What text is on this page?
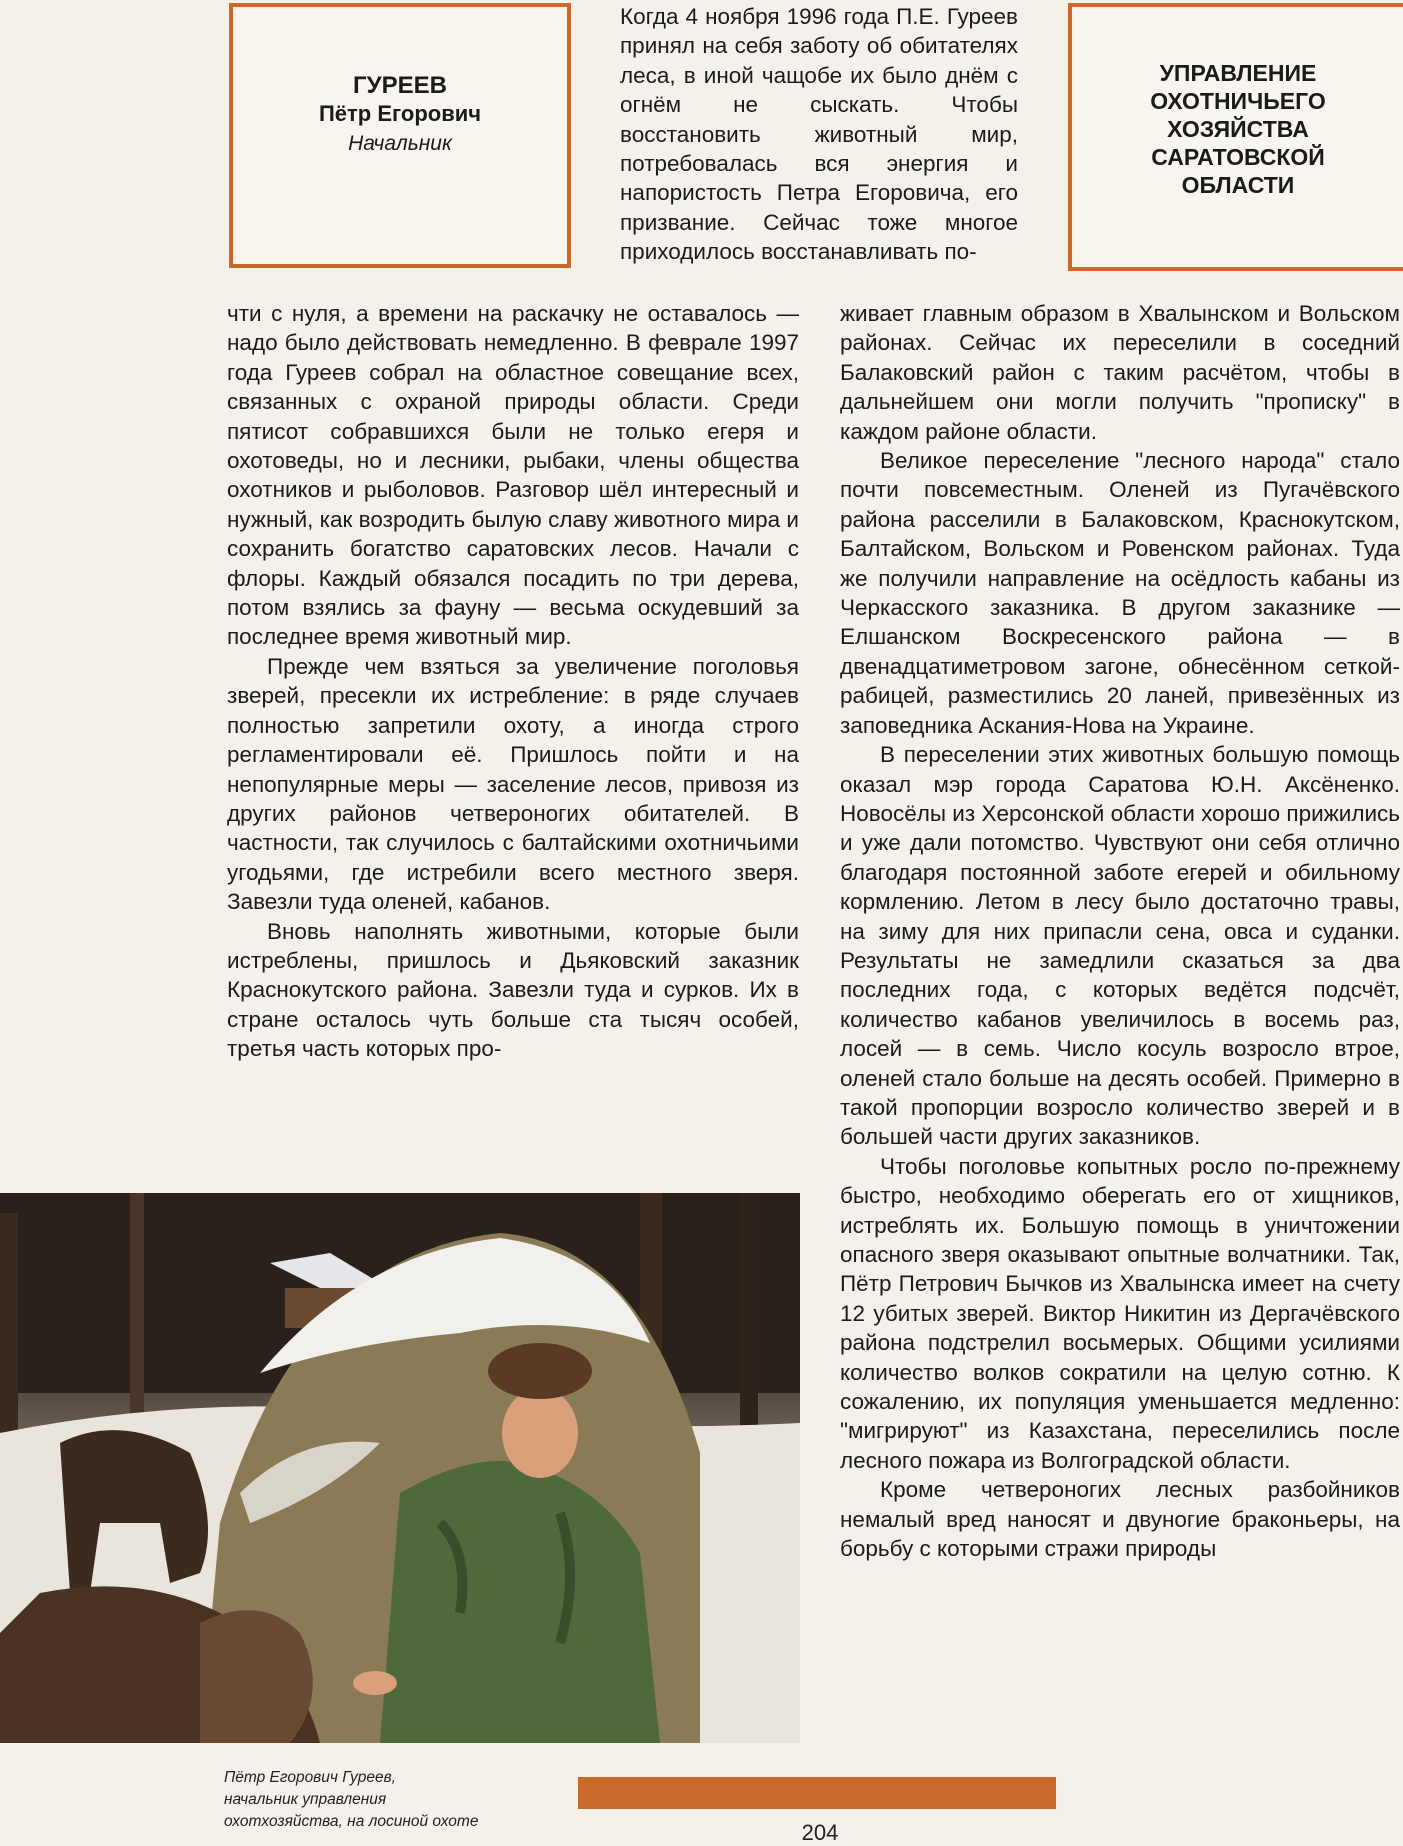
ГУРЕЕВ
Пётр Егорович
Начальник
УПРАВЛЕНИЕ
ОХОТНИЧЬЕГО
ХОЗЯЙСТВА
САРАТОВСКОЙ
ОБЛАСТИ

Когда 4 ноября 1996 года П.Е. Гуреев принял на себя заботу об обитателях леса, в иной чащобе их было днём с огнём не сыскать. Чтобы восстановить животный мир, потребовалась вся энергия и напористость Петра Егоровича, его призвание. Сейчас тоже многое приходилось восстанавливать по-

чти с нуля, а времени на раскачку не оставалось — надо было действовать немедленно. В феврале 1997 года Гуреев собрал на областное совещание всех, связанных с охраной природы области. Среди пятисот собравшихся были не только егеря и охотоведы, но и лесники, рыбаки, члены общества охотников и рыболовов. Разговор шёл интересный и нужный, как возродить былую славу животного мира и сохранить богатство саратовских лесов. Начали с флоры. Каждый обязался посадить по три дерева, потом взялись за фауну — весьма оскудевший за последнее время животный мир.

Прежде чем взяться за увеличение поголовья зверей, пресекли их истребление: в ряде случаев полностью запретили охоту, а иногда строго регламентировали её. Пришлось пойти и на непопулярные меры — заселение лесов, привозя из других районов четвероногих обитателей. В частности, так случилось с балтайскими охотничьими угодьями, где истребили всего местного зверя. Завезли туда оленей, кабанов.

Вновь наполнять животными, которые были истреблены, пришлось и Дьяковский заказник Краснокутского района. Завезли туда и сурков. Их в стране осталось чуть больше ста тысяч особей, третья часть которых про-

живает главным образом в Хвалынском и Вольском районах. Сейчас их переселили в соседний Балаковский район с таким расчётом, чтобы в дальнейшем они могли получить "прописку" в каждом районе области.

Великое переселение "лесного народа" стало почти повсеместным. Оленей из Пугачёвского района расселили в Балаковском, Краснокутском, Балтайском, Вольском и Ровенском районах. Туда же получили направление на осёдлость кабаны из Черкасского заказника. В другом заказнике — Елшанском Воскресенского района — в двенадцатиметровом загоне, обнесённом сеткой-рабицей, разместились 20 ланей, привезённых из заповедника Аскания-Нова на Украине.

В переселении этих животных большую помощь оказал мэр города Саратова Ю.Н. Аксёненко. Новосёлы из Херсонской области хорошо прижились и уже дали потомство. Чувствуют они себя отлично благодаря постоянной заботе егерей и обильному кормлению. Летом в лесу было достаточно травы, на зиму для них припасли сена, овса и суданки. Результаты не замедлили сказаться за два последних года, с которых ведётся подсчёт, количество кабанов увеличилось в восемь раз, лосей — в семь. Число косуль возросло втрое, оленей стало больше на десять особей. Примерно в такой пропорции возросло количество зверей и в большей части других заказников.

Чтобы поголовье копытных росло по-прежнему быстро, необходимо оберегать его от хищников, истреблять их. Большую помощь в уничтожении опасного зверя оказывают опытные волчатники. Так, Пётр Петрович Бычков из Хвалынска имеет на счету 12 убитых зверей. Виктор Никитин из Дергачёвского района подстрелил восьмерых. Общими усилиями количество волков сократили на целую сотню. К сожалению, их популяция уменьшается медленно: "мигрируют" из Казахстана, переселились после лесного пожара из Волгоградской области.

Кроме четвероногих лесных разбойников немалый вред наносят и двуногие браконьеры, на борьбу с которыми стражи природы

Пётр Егорович Гуреев,
начальник управления
охотхозяйства, на лосиной охоте	204
